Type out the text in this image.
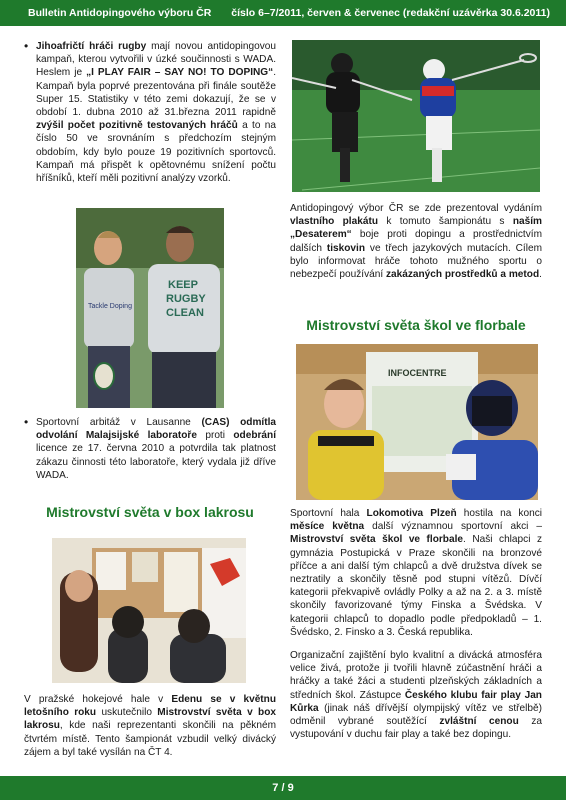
Bulletin Antidopingového výboru ČR číslo 6–7/2011, červen & červenec (redakční uzávěrka 30.6.2011)
• Jihoafričtí hráči rugby mají novou antidopingovou kampaň, kterou vytvořili v úzké součinnosti s WADA. Heslem je „I PLAY FAIR – SAY NO! TO DOPING“. Kampaň byla poprvé prezentována při finále soutěže Super 15. Statistiky v této zemi dokazují, že se v období 1. dubna 2010 až 31.března 2011 rapidně zvýšil počet pozitivně testovaných hráčů a to na číslo 50 ve srovnáním s předchozím stejným obdobím, kdy bylo pouze 19 pozitivních sportovců. Kampaň má přispět k opětovnému snížení počtu hříšníků, kteří měli pozitivní analýzy vzorků.
Tackle Doping
KEEP
RUGBY
CLEAN
• Sportovní arbitáž v Lausanne (CAS) odmítla odvolání Malajsijské laboratoře proti odebrání licence ze 17. června 2010 a potvrdila tak platnost zákazu činnosti této laboratoře, který vydala již dříve WADA.
Mistrovství světa v box lakrosu

V pražské hokejové hale v Edenu se v květnu letošního roku uskutečnilo Mistrovství světa v box lakrosu, kde naši reprezentanti skončili na pěkném čtvrtém místě. Tento šampionát vzbudil velký divácký zájem a byl také vysílán na ČT 4.

Antidopingový výbor ČR se zde prezentoval vydáním vlastního plakátu k tomuto šampionátu s naším „Desaterem“ boje proti dopingu a prostřednictvím dalších tiskovin ve třech jazykových mutacích. Cílem bylo informovat hráče tohoto mužného sportu o nebezpečí používání zakázaných prostředků a metod.

Mistrovství světa škol ve florbale
INFOCENTRE

Sportovní hala Lokomotiva Plzeň hostila na konci měsíce května další významnou sportovní akci – Mistrovství světa škol ve florbale. Naši chlapci z gymnázia Postupická v Praze skončili na bronzové příčce a ani další tým chlapců a dvě družstva dívek se neztratily a skončily těsně pod stupni vítězů. Dívčí kategorii překvapivě ovládly Polky a až na 2. a 3. místě skončily favorizované týmy Finska a Švédska. V kategorii chlapců to dopadlo podle předpokladů – 1. Švédsko, 2. Finsko a 3. Česká republika.

Organizační zajištění bylo kvalitní a divácká atmosféra velice živá, protože ji tvořili hlavně zúčastnění hráči a hráčky a také žáci a studenti plzeňských základních a středních škol. Zástupce Českého klubu fair play Jan Kůrka (jinak náš dřívější olympijský vítěz ve střelbě) odměnil vybrané soutěžící zvláštní cenou za vystupování v duchu fair play a také bez dopingu.

7 / 9
